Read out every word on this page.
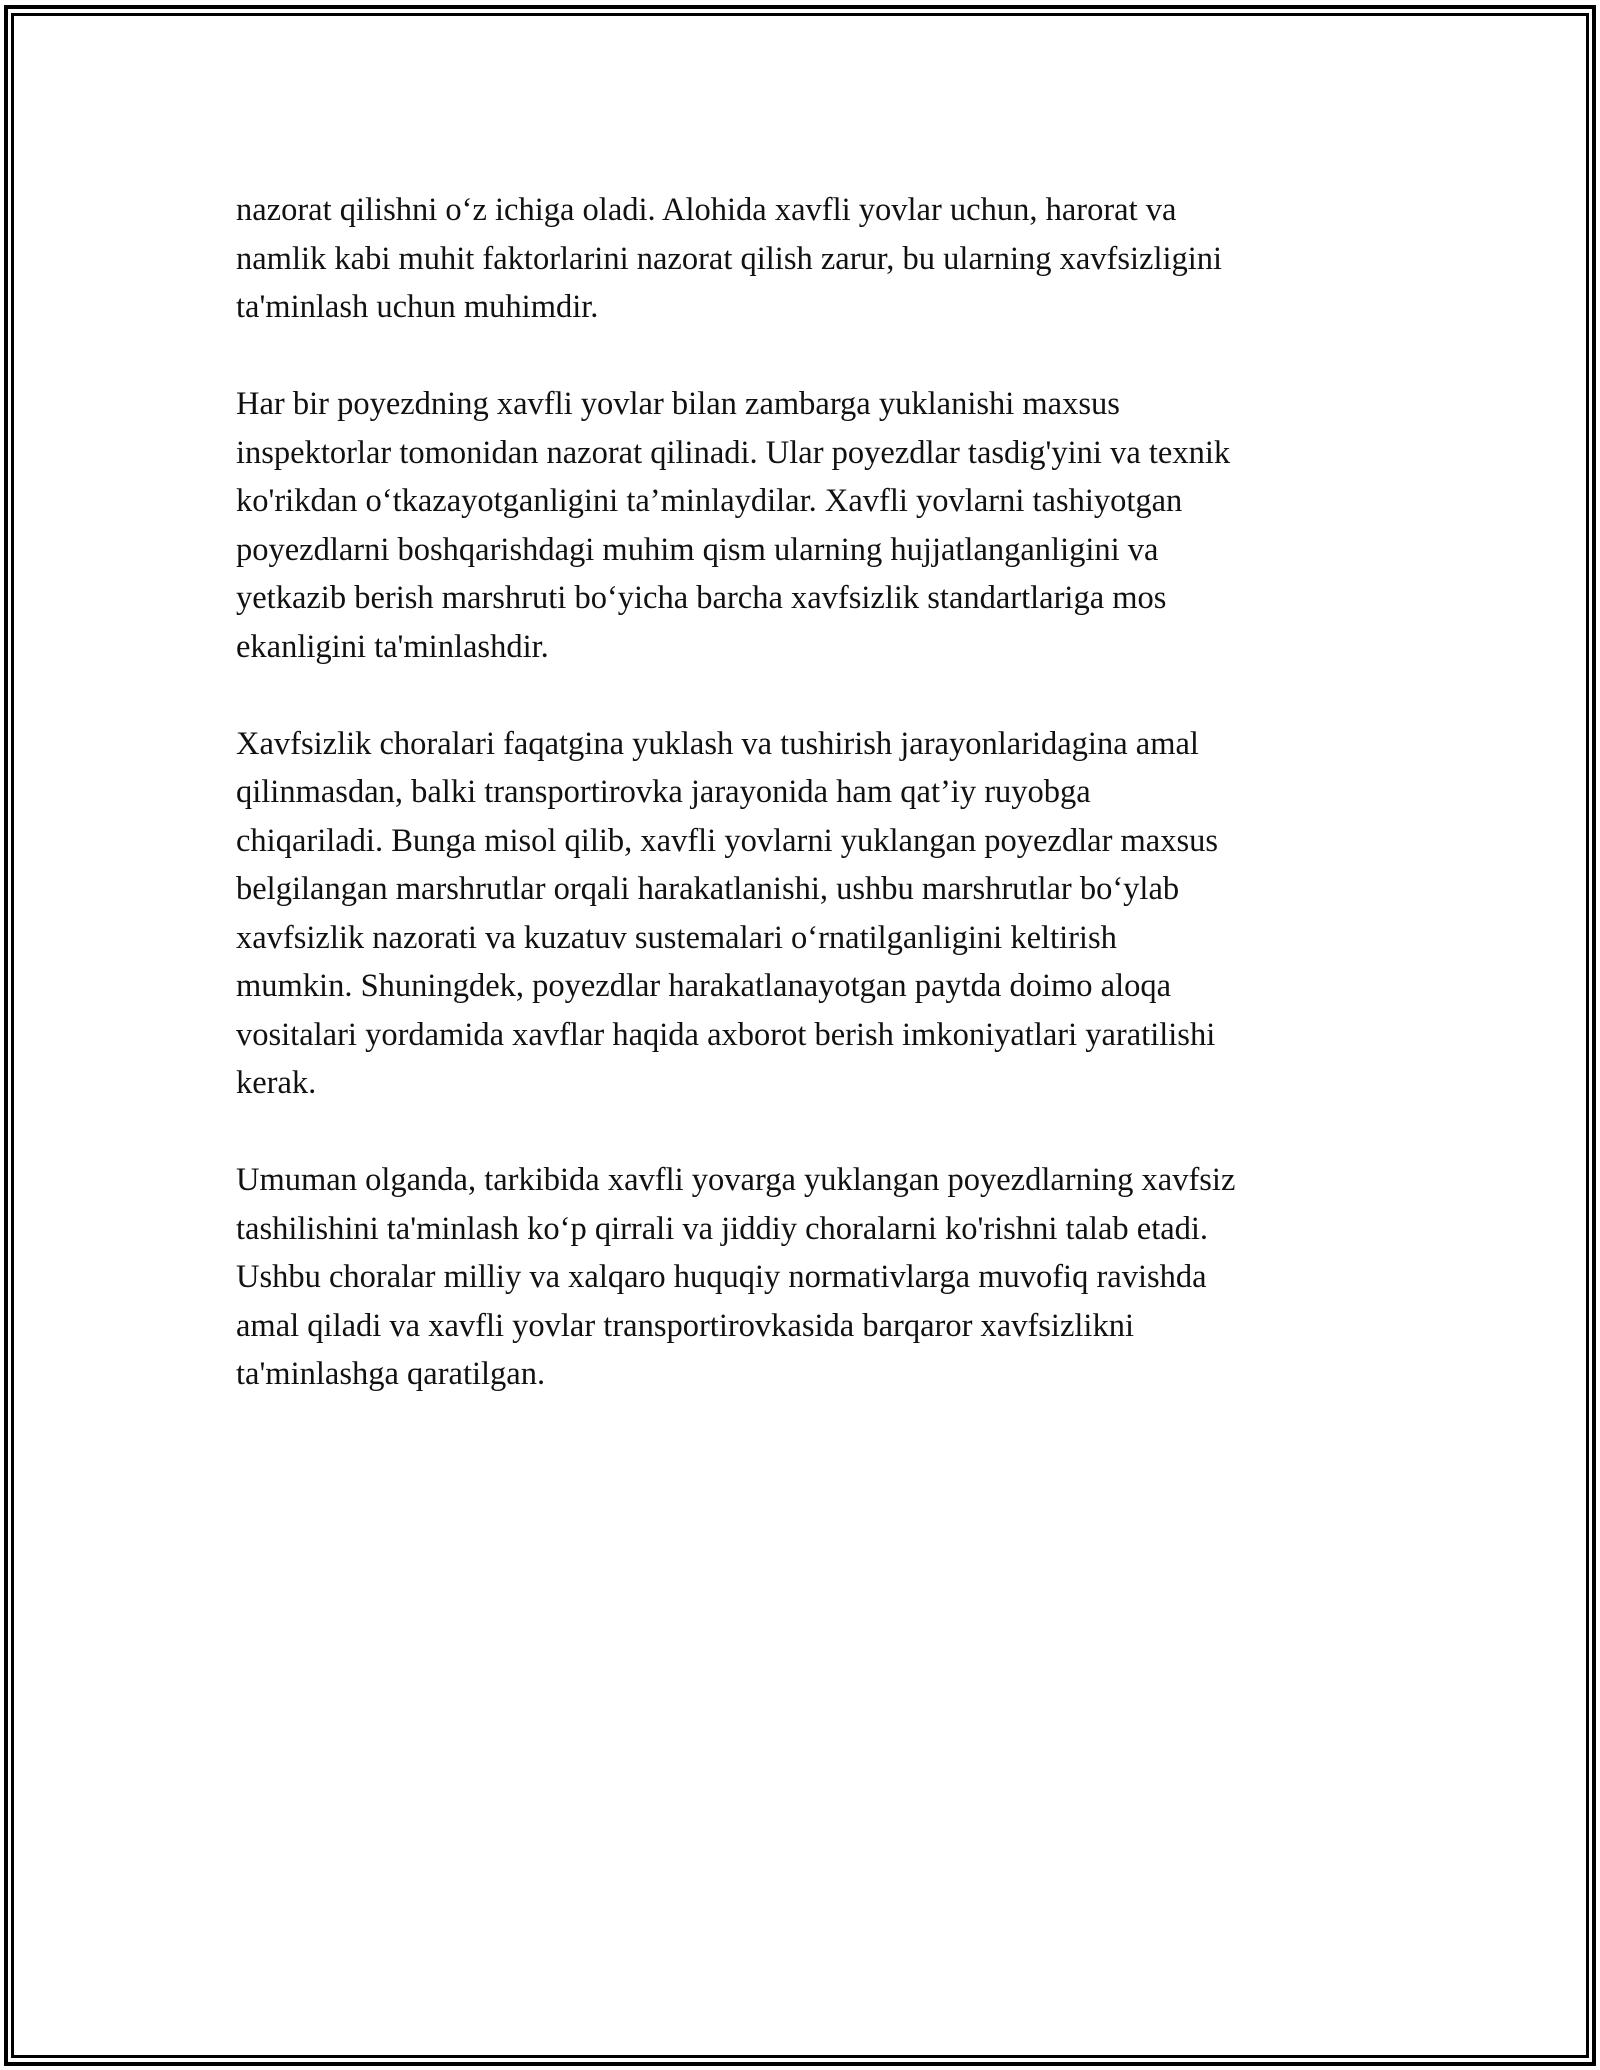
nazorat qilishni o‘z ichiga oladi. Alohida xavfli yovlar uchun, harorat va
namlik kabi muhit faktorlarini nazorat qilish zarur, bu ularning xavfsizligini
ta'minlash uchun muhimdir.

Har bir poyezdning xavfli yovlar bilan zambarga yuklanishi maxsus
inspektorlar tomonidan nazorat qilinadi. Ular poyezdlar tasdig'yini va texnik
ko'rikdan o‘tkazayotganligini ta’minlaydilar. Xavfli yovlarni tashiyotgan
poyezdlarni boshqarishdagi muhim qism ularning hujjatlanganligini va
yetkazib berish marshruti bo‘yicha barcha xavfsizlik standartlariga mos
ekanligini ta'minlashdir.

Xavfsizlik choralari faqatgina yuklash va tushirish jarayonlaridagina amal
qilinmasdan, balki transportirovka jarayonida ham qat’iy ruyobga
chiqariladi. Bunga misol qilib, xavfli yovlarni yuklangan poyezdlar maxsus
belgilangan marshrutlar orqali harakatlanishi, ushbu marshrutlar bo‘ylab
xavfsizlik nazorati va kuzatuv sustemalari o‘rnatilganligini keltirish
mumkin. Shuningdek, poyezdlar harakatlanayotgan paytda doimo aloqa
vositalari yordamida xavflar haqida axborot berish imkoniyatlari yaratilishi
kerak.

Umuman olganda, tarkibida xavfli yovarga yuklangan poyezdlarning xavfsiz
tashilishini ta'minlash ko‘p qirrali va jiddiy choralarni ko'rishni talab etadi.
Ushbu choralar milliy va xalqaro huquqiy normativlarga muvofiq ravishda
amal qiladi va xavfli yovlar transportirovkasida barqaror xavfsizlikni
ta'minlashga qaratilgan.
